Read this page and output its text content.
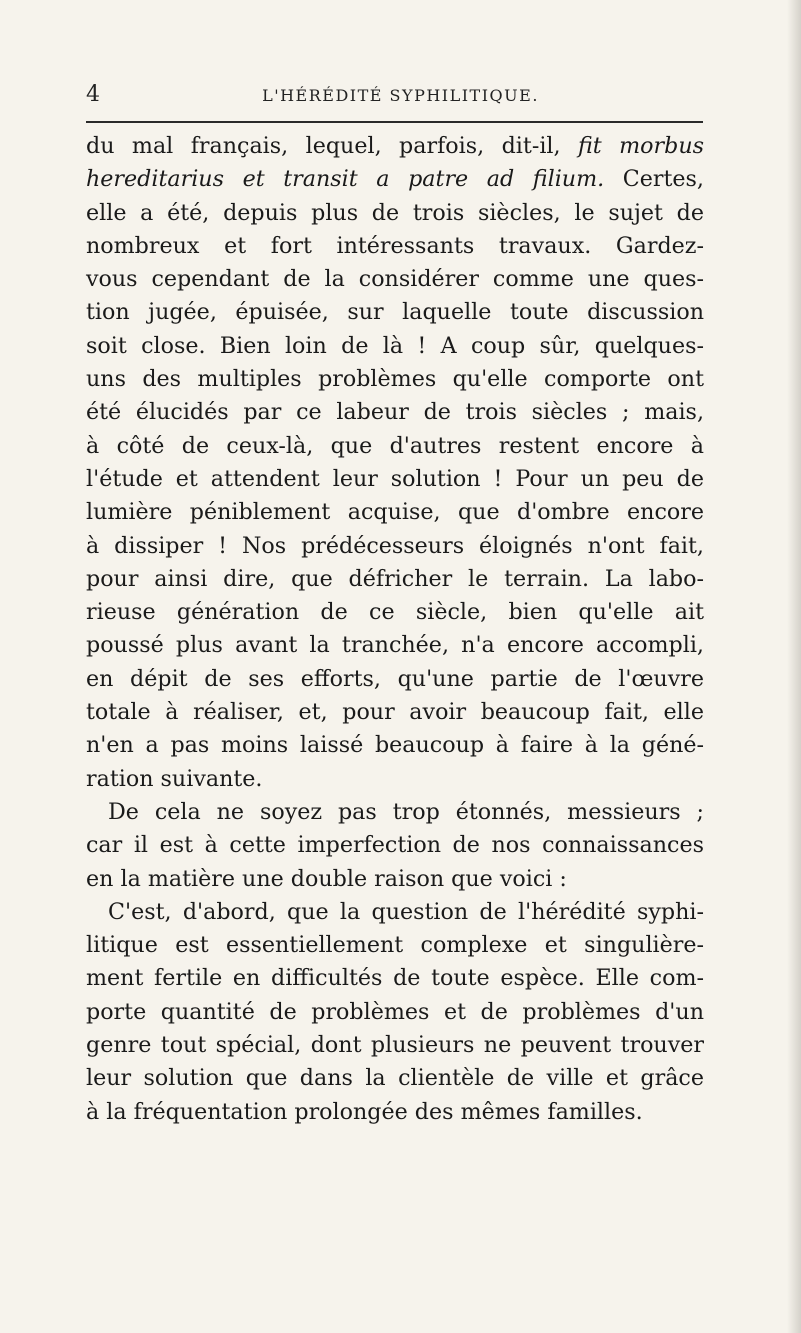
4	L'HÉRÉDITÉ SYPHILITIQUE.

du mal français, lequel, parfois, dit-il, fit morbus
hereditarius et transit a patre ad filium. Certes,
elle a été, depuis plus de trois siècles, le sujet de
nombreux et fort intéressants travaux. Gardez-
vous cependant de la considérer comme une ques-
tion jugée, épuisée, sur laquelle toute discussion
soit close. Bien loin de là ! A coup sûr, quelques-
uns des multiples problèmes qu'elle comporte ont
été élucidés par ce labeur de trois siècles ; mais,
à côté de ceux-là, que d'autres restent encore à
l'étude et attendent leur solution ! Pour un peu de
lumière péniblement acquise, que d'ombre encore
à dissiper ! Nos prédécesseurs éloignés n'ont fait,
pour ainsi dire, que défricher le terrain. La labo-
rieuse génération de ce siècle, bien qu'elle ait
poussé plus avant la tranchée, n'a encore accompli,
en dépit de ses efforts, qu'une partie de l'œuvre
totale à réaliser, et, pour avoir beaucoup fait, elle
n'en a pas moins laissé beaucoup à faire à la géné-
ration suivante.

De cela ne soyez pas trop étonnés, messieurs ;
car il est à cette imperfection de nos connaissances
en la matière une double raison que voici :

C'est, d'abord, que la question de l'hérédité syphi-
litique est essentiellement complexe et singulière-
ment fertile en difficultés de toute espèce. Elle com-
porte quantité de problèmes et de problèmes d'un
genre tout spécial, dont plusieurs ne peuvent trouver
leur solution que dans la clientèle de ville et grâce
à la fréquentation prolongée des mêmes familles.
